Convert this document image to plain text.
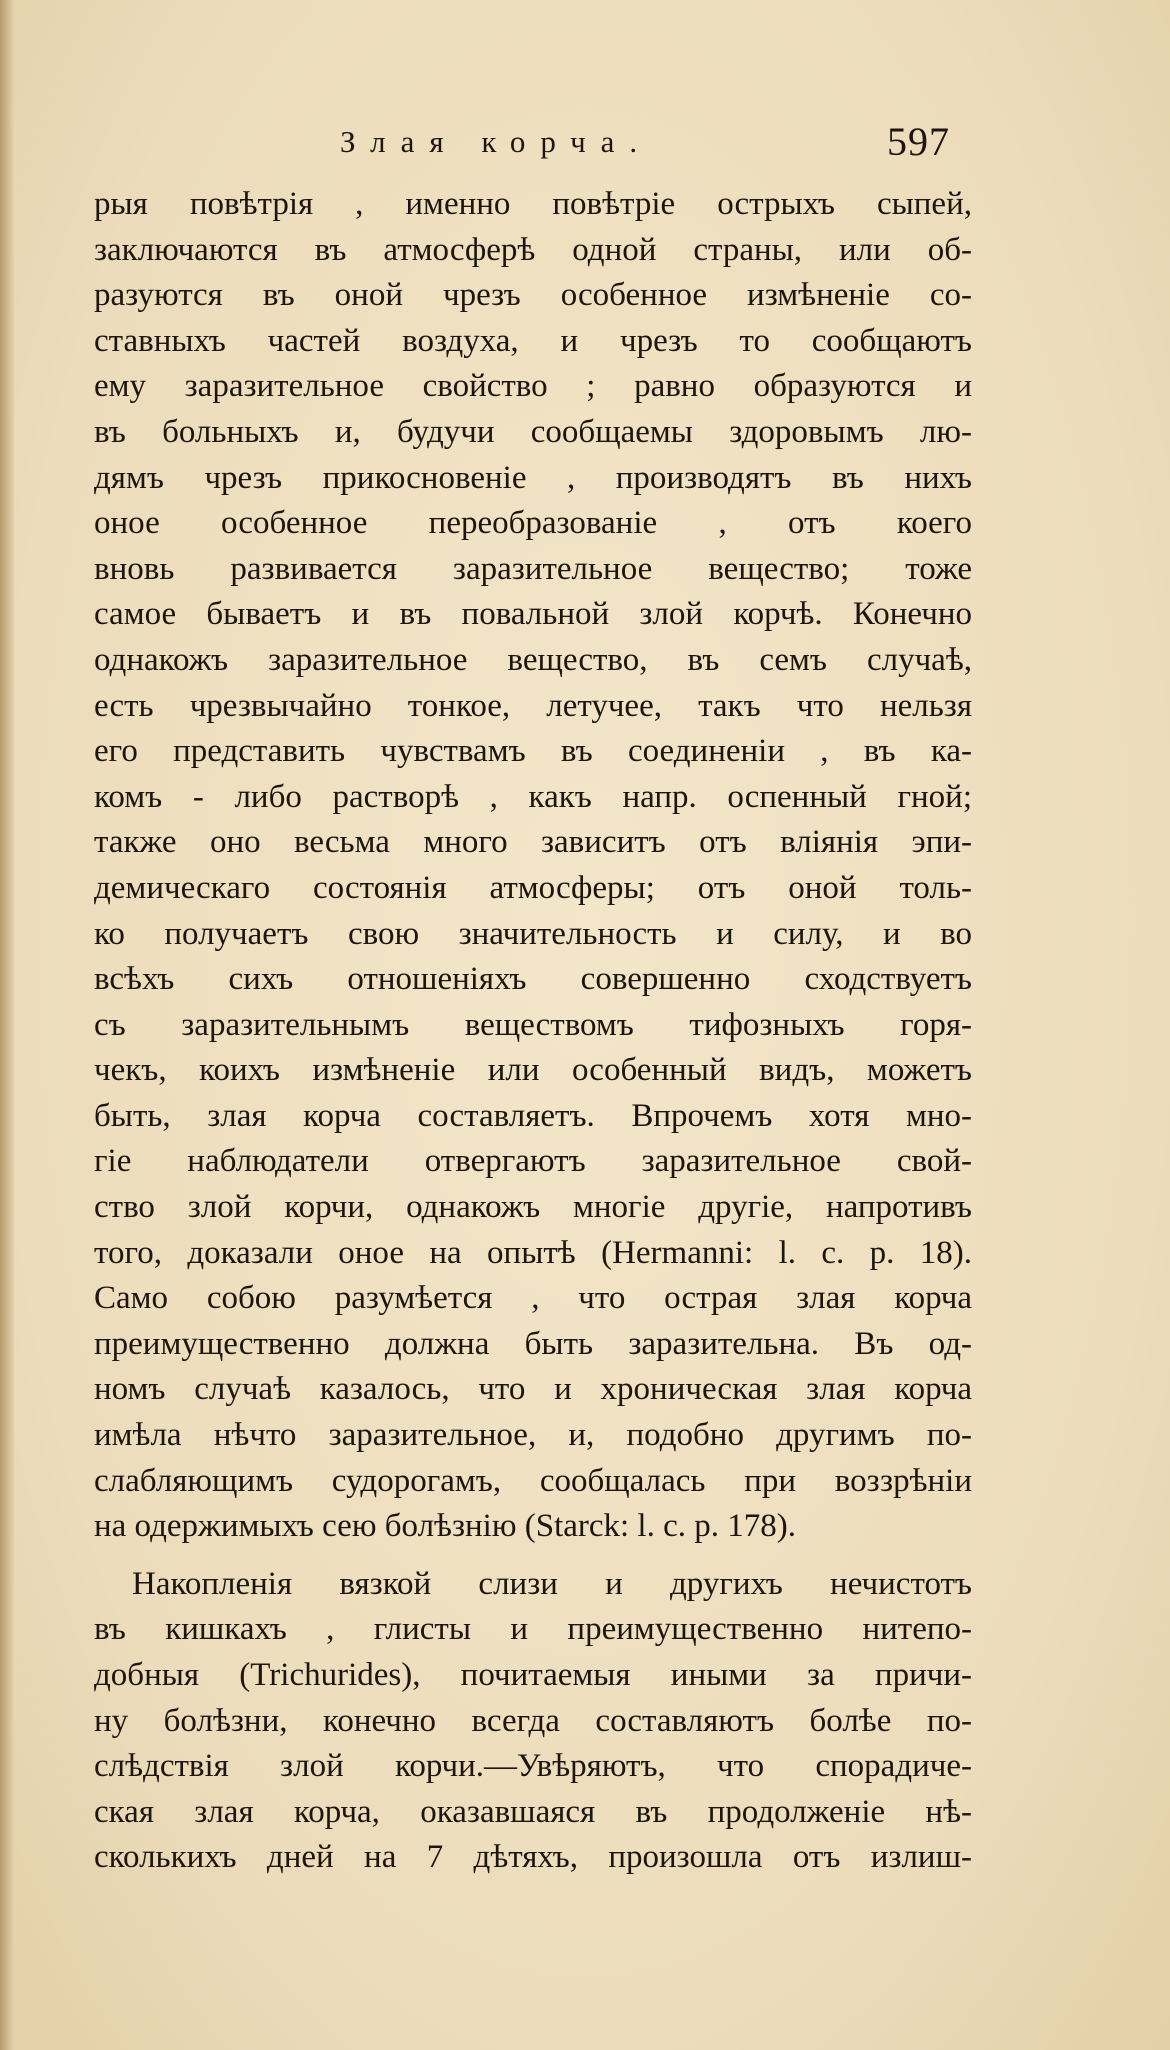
Злая корча.	597
рыя повѣтрія , именно повѣтріе острыхъ сыпей,
заключаются въ атмосферѣ одной страны, или об-
разуются въ оной чрезъ особенное измѣненіе со-
ставныхъ частей воздуха, и чрезъ то сообщаютъ
ему заразительное свойство ; равно образуются и
въ больныхъ и, будучи сообщаемы здоровымъ лю-
дямъ чрезъ прикосновеніе , производятъ въ нихъ
оное особенное переобразованіе , отъ коего
вновь развивается заразительное вещество; тоже
самое бываетъ и въ повальной злой корчѣ. Конечно
однакожъ заразительное вещество, въ семъ случаѣ,
есть чрезвычайно тонкое, летучее, такъ что нельзя
его представить чувствамъ въ соединеніи , въ ка-
комъ - либо растворѣ , какъ напр. оспенный гной;
также оно весьма много зависитъ отъ вліянія эпи-
демическаго состоянія атмосферы; отъ оной толь-
ко получаетъ свою значительность и силу, и во
всѣхъ сихъ отношеніяхъ совершенно сходствуетъ
съ заразительнымъ веществомъ тифозныхъ горя-
чекъ, коихъ измѣненіе или особенный видъ, можетъ
быть, злая корча составляетъ. Впрочемъ хотя мно-
гіе наблюдатели отвергаютъ заразительное свой-
ство злой корчи, однакожъ многіе другіе, напротивъ
того, доказали оное на опытѣ (Hermanni: l. c. p. 18).
Само собою разумѣется , что острая злая корча
преимущественно должна быть заразительна. Въ од-
номъ случаѣ казалось, что и хроническая злая корча
имѣла нѣчто заразительное, и, подобно другимъ по-
слабляющимъ судорогамъ, сообщалась при воззрѣніи
на одержимыхъ сею болѣзнію (Starck: l. c. p. 178).
Накопленія вязкой слизи и другихъ нечистотъ
въ кишкахъ , глисты и преимущественно нитепо-
добныя (Trichurides), почитаемыя иными за причи-
ну болѣзни, конечно всегда составляютъ болѣе по-
слѣдствія злой корчи.—Увѣряютъ, что спорадиче-
ская злая корча, оказавшаяся въ продолженіе нѣ-
сколькихъ дней на 7 дѣтяхъ, произошла отъ излиш-
